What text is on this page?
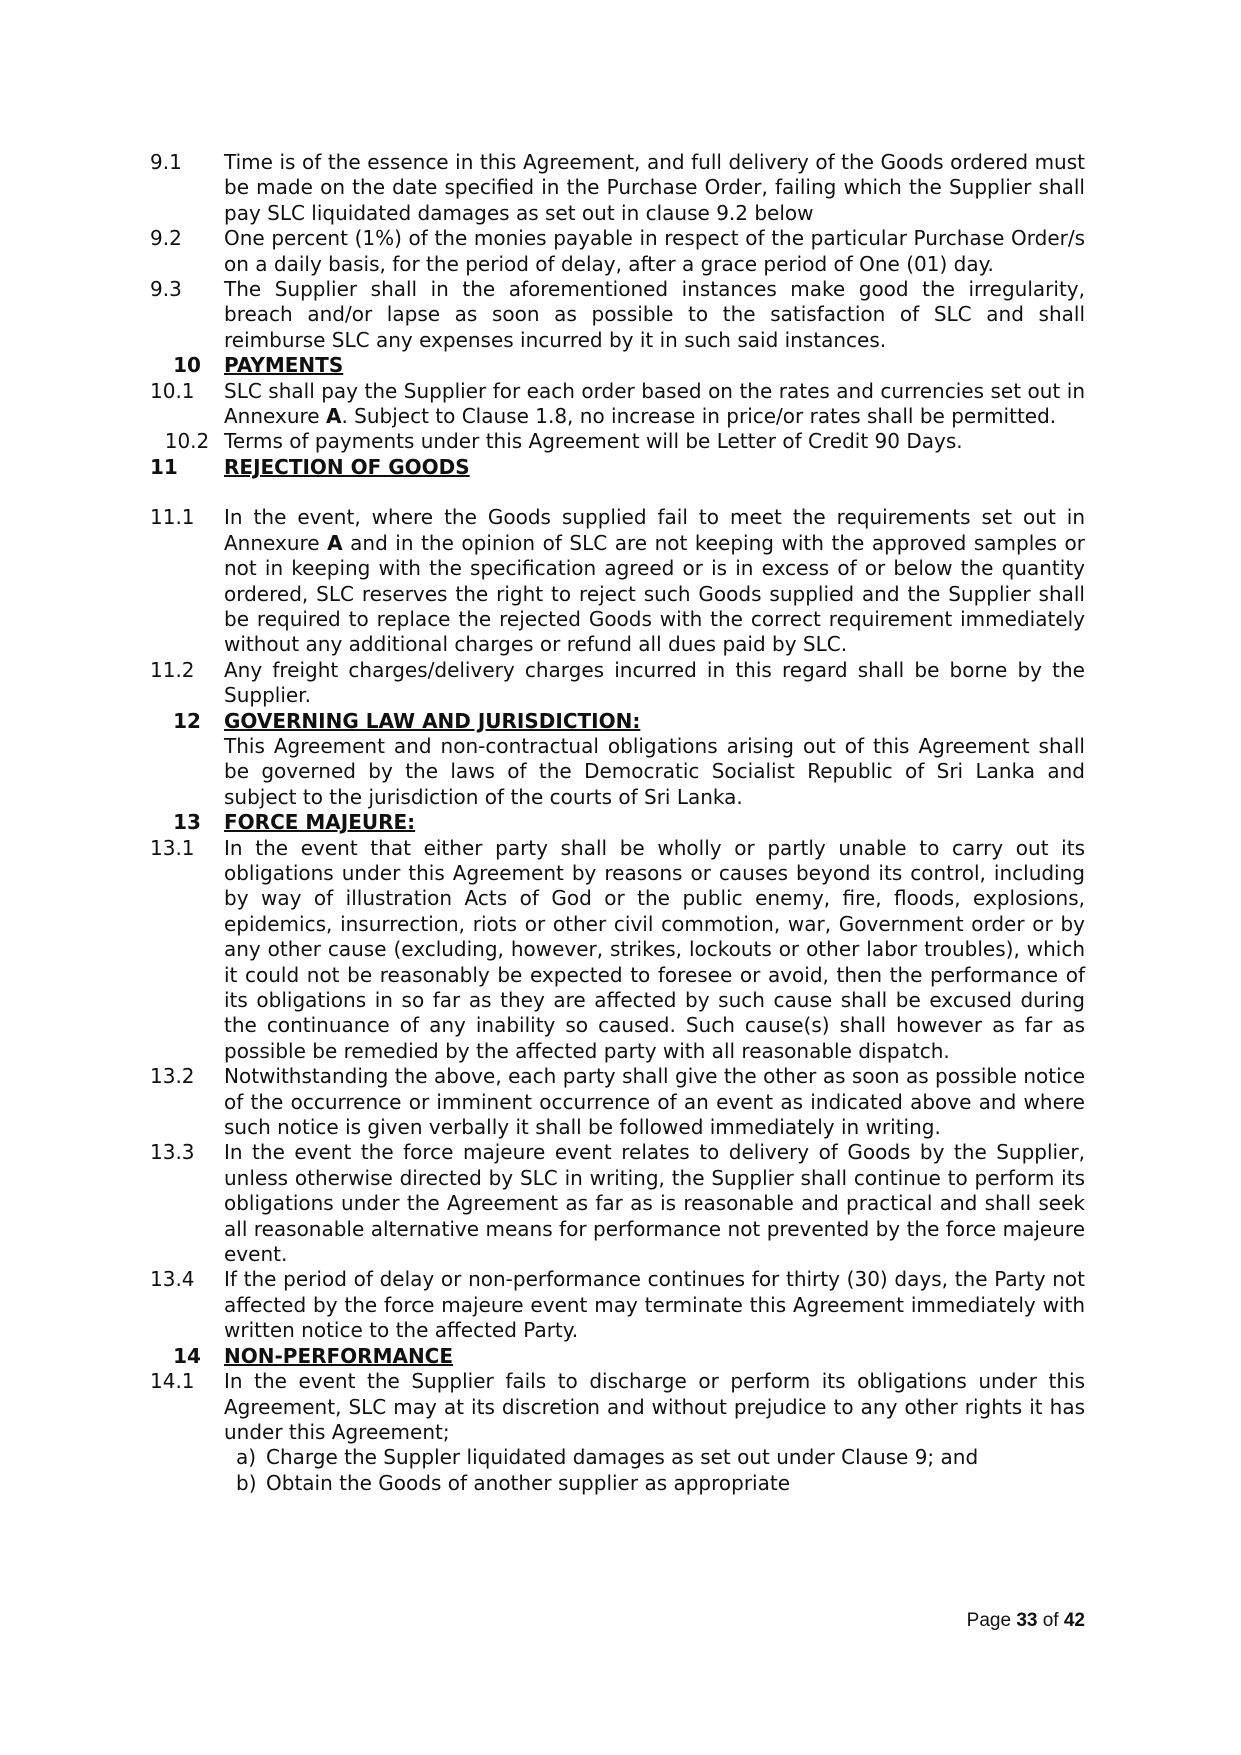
9.1	Time is of the essence in this Agreement, and full delivery of the Goods ordered must be made on the date specified in the Purchase Order, failing which the Supplier shall pay SLC liquidated damages as set out in clause 9.2 below
9.2	One percent (1%) of the monies payable in respect of the particular Purchase Order/s on a daily basis, for the period of delay, after a grace period of One (01) day.
9.3	The Supplier shall in the aforementioned instances make good the irregularity, breach and/or lapse as soon as possible to the satisfaction of SLC and shall reimburse SLC any expenses incurred by it in such said instances.
10	PAYMENTS
10.1	SLC shall pay the Supplier for each order based on the rates and currencies set out in Annexure A. Subject to Clause 1.8, no increase in price/or rates shall be permitted.
10.2 Terms of payments under this Agreement will be Letter of Credit 90 Days.
11	REJECTION OF GOODS
11.1	In the event, where the Goods supplied fail to meet the requirements set out in Annexure A and in the opinion of SLC are not keeping with the approved samples or not in keeping with the specification agreed or is in excess of or below the quantity ordered, SLC reserves the right to reject such Goods supplied and the Supplier shall be required to replace the rejected Goods with the correct requirement immediately without any additional charges or refund all dues paid by SLC.
11.2	Any freight charges/delivery charges incurred in this regard shall be borne by the Supplier.
12	GOVERNING LAW AND JURISDICTION:
This Agreement and non-contractual obligations arising out of this Agreement shall be governed by the laws of the Democratic Socialist Republic of Sri Lanka and subject to the jurisdiction of the courts of Sri Lanka.
13	FORCE MAJEURE:
13.1	In the event that either party shall be wholly or partly unable to carry out its obligations under this Agreement by reasons or causes beyond its control, including by way of illustration Acts of God or the public enemy, fire, floods, explosions, epidemics, insurrection, riots or other civil commotion, war, Government order or by any other cause (excluding, however, strikes, lockouts or other labor troubles), which it could not be reasonably be expected to foresee or avoid, then the performance of its obligations in so far as they are affected by such cause shall be excused during the continuance of any inability so caused. Such cause(s) shall however as far as possible be remedied by the affected party with all reasonable dispatch.
13.2	Notwithstanding the above, each party shall give the other as soon as possible notice of the occurrence or imminent occurrence of an event as indicated above and where such notice is given verbally it shall be followed immediately in writing.
13.3	In the event the force majeure event relates to delivery of Goods by the Supplier, unless otherwise directed by SLC in writing, the Supplier shall continue to perform its obligations under the Agreement as far as is reasonable and practical and shall seek all reasonable alternative means for performance not prevented by the force majeure event.
13.4	If the period of delay or non-performance continues for thirty (30) days, the Party not affected by the force majeure event may terminate this Agreement immediately with written notice to the affected Party.
14	NON-PERFORMANCE
14.1	In the event the Supplier fails to discharge or perform its obligations under this Agreement, SLC may at its discretion and without prejudice to any other rights it has under this Agreement;
a) Charge the Suppler liquidated damages as set out under Clause 9; and
b) Obtain the Goods of another supplier as appropriate
Page 33 of 42
